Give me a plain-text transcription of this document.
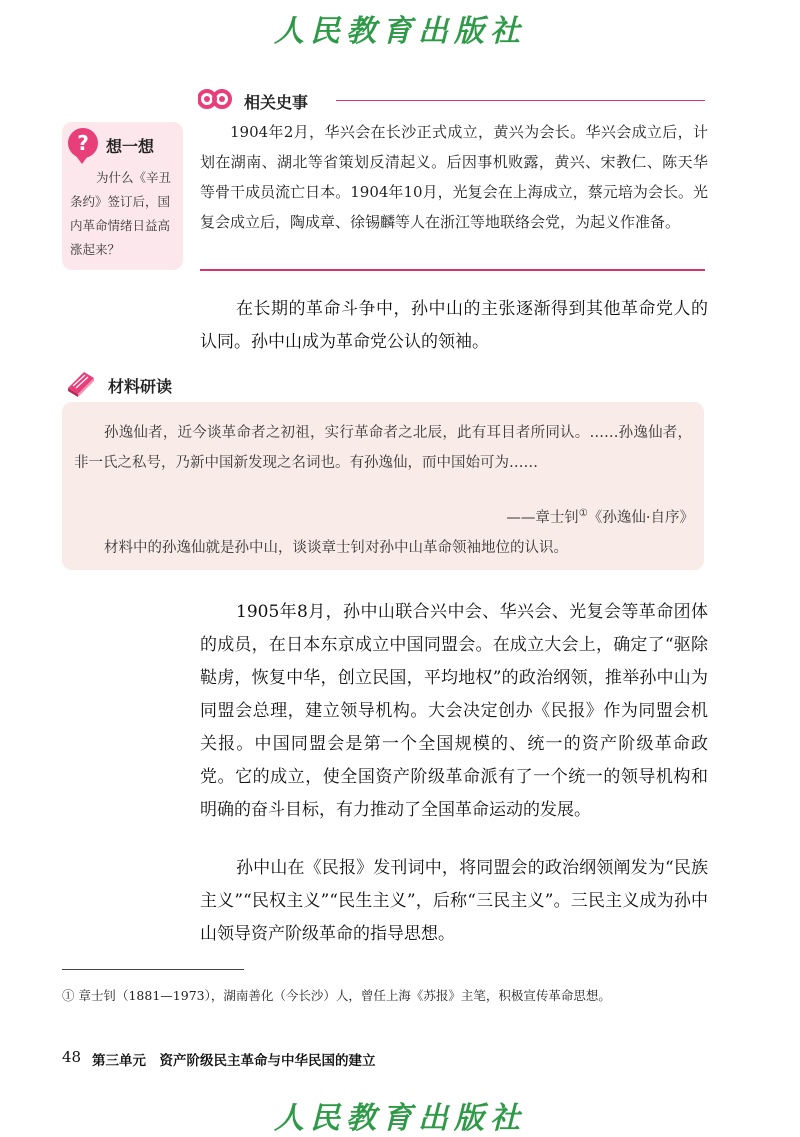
人民教育出版社
?	想一想
为什么《辛丑条约》签订后，国内革命情绪日益高涨起来？
相关史事
1904年2月，华兴会在长沙正式成立，黄兴为会长。华兴会成立后，计划在湖南、湖北等省策划反清起义。后因事机败露，黄兴、宋教仁、陈天华等骨干成员流亡日本。1904年10月，光复会在上海成立，蔡元培为会长。光复会成立后，陶成章、徐锡麟等人在浙江等地联络会党，为起义作准备。
在长期的革命斗争中，孙中山的主张逐渐得到其他革命党人的认同。孙中山成为革命党公认的领袖。
材料研读
孙逸仙者，近今谈革命者之初祖，实行革命者之北辰，此有耳目者所同认。……孙逸仙者，非一氏之私号，乃新中国新发现之名词也。有孙逸仙，而中国始可为……
——章士钊①《孙逸仙·自序》
材料中的孙逸仙就是孙中山，谈谈章士钊对孙中山革命领袖地位的认识。
1905年8月，孙中山联合兴中会、华兴会、光复会等革命团体的成员，在日本东京成立中国同盟会。在成立大会上，确定了“驱除鞑虏，恢复中华，创立民国，平均地权”的政治纲领，推举孙中山为同盟会总理，建立领导机构。大会决定创办《民报》作为同盟会机关报。中国同盟会是第一个全国规模的、统一的资产阶级革命政党。它的成立，使全国资产阶级革命派有了一个统一的领导机构和明确的奋斗目标，有力推动了全国革命运动的发展。
孙中山在《民报》发刊词中，将同盟会的政治纲领阐发为“民族主义”“民权主义”“民生主义”，后称“三民主义”。三民主义成为孙中山领导资产阶级革命的指导思想。
① 章士钊（1881—1973），湖南善化（今长沙）人，曾任上海《苏报》主笔，积极宣传革命思想。
48 第三单元　资产阶级民主革命与中华民国的建立
人民教育出版社
